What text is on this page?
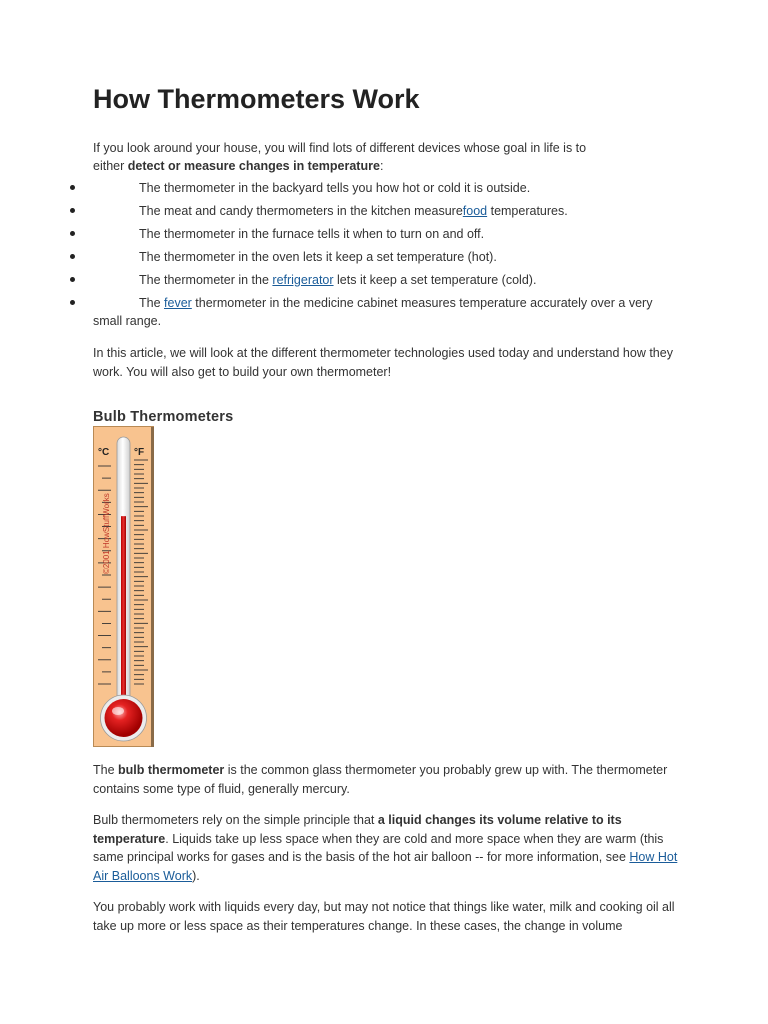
How Thermometers Work
If you look around your house, you will find lots of different devices whose goal in life is to
either detect or measure changes in temperature:
The thermometer in the backyard tells you how hot or cold it is outside.
The meat and candy thermometers in the kitchen measurefood temperatures.
The thermometer in the furnace tells it when to turn on and off.
The thermometer in the oven lets it keep a set temperature (hot).
The thermometer in the refrigerator lets it keep a set temperature (cold).
The fever thermometer in the medicine cabinet measures temperature accurately over a very small range.

In this article, we will look at the different thermometer technologies used today and understand how they work. You will also get to build your own thermometer!

Bulb Thermometers
°C °F
©2001 HowStuffWorks

The bulb thermometer is the common glass thermometer you probably grew up with. The thermometer contains some type of fluid, generally mercury.

Bulb thermometers rely on the simple principle that a liquid changes its volume relative to its temperature. Liquids take up less space when they are cold and more space when they are warm (this same principal works for gases and is the basis of the hot air balloon -- for more information, see How Hot Air Balloons Work).

You probably work with liquids every day, but may not notice that things like water, milk and cooking oil all take up more or less space as their temperatures change. In these cases, the change in volume
